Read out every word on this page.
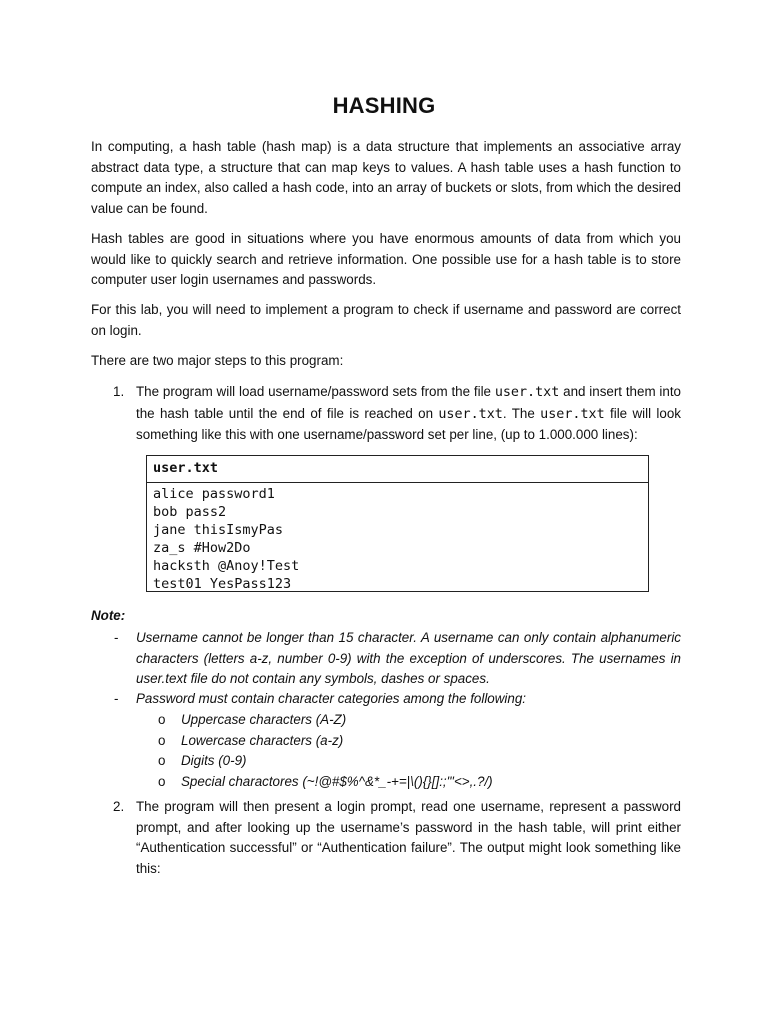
HASHING

In computing, a hash table (hash map) is a data structure that implements an associative array abstract data type, a structure that can map keys to values. A hash table uses a hash function to compute an index, also called a hash code, into an array of buckets or slots, from which the desired value can be found.

Hash tables are good in situations where you have enormous amounts of data from which you would like to quickly search and retrieve information. One possible use for a hash table is to store computer user login usernames and passwords.

For this lab, you will need to implement a program to check if username and password are correct on login.

There are two major steps to this program:

1. The program will load username/password sets from the file user.txt and insert them into the hash table until the end of file is reached on user.txt. The user.txt file will look something like this with one username/password set per line, (up to 1.000.000 lines):
user.txt
alice password1
bob pass2
jane thisIsmyPas
za_s #How2Do
hacksth @Anoy!Test
test01 YesPass123
Note:
- Username cannot be longer than 15 character. A username can only contain alphanumeric characters (letters a-z, number 0-9) with the exception of underscores. The usernames in user.text file do not contain any symbols, dashes or spaces.
- Password must contain character categories among the following:
o Uppercase characters (A-Z)
o Lowercase characters (a-z)
o Digits (0-9)
o Special charactores (~!@#$%^&*_-+=|\(){}[]:;"'<>,.?/)
2. The program will then present a login prompt, read one username, represent a password prompt, and after looking up the username’s password in the hash table, will print either “Authentication successful” or “Authentication failure”. The output might look something like this:
